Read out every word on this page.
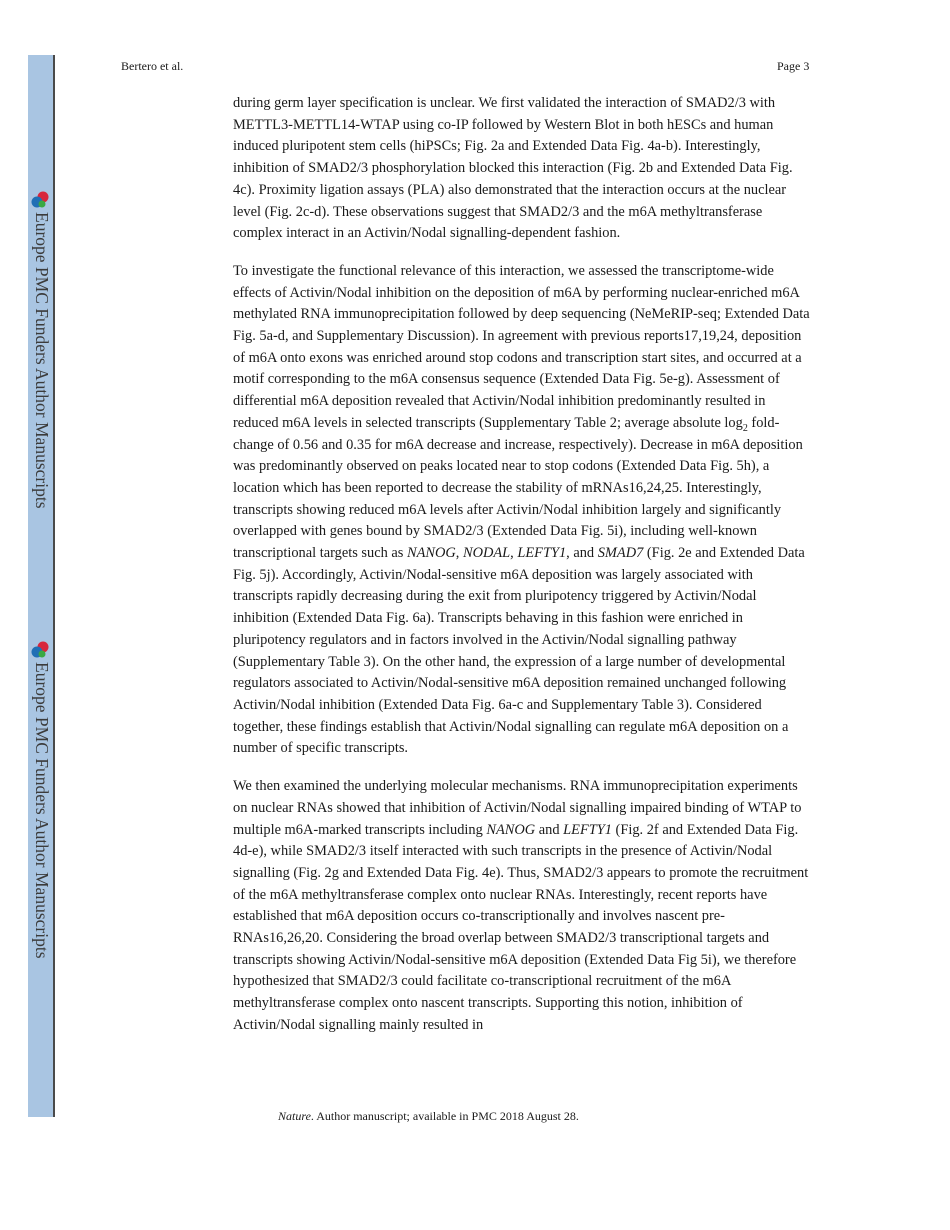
Europe PMC Funders Author Manuscripts
Europe PMC Funders Author Manuscripts
Bertero et al.	Page 3

during germ layer specification is unclear. We first validated the interaction of SMAD2/3 with METTL3-METTL14-WTAP using co-IP followed by Western Blot in both hESCs and human induced pluripotent stem cells (hiPSCs; Fig. 2a and Extended Data Fig. 4a-b). Interestingly, inhibition of SMAD2/3 phosphorylation blocked this interaction (Fig. 2b and Extended Data Fig. 4c). Proximity ligation assays (PLA) also demonstrated that the interaction occurs at the nuclear level (Fig. 2c-d). These observations suggest that SMAD2/3 and the m6A methyltransferase complex interact in an Activin/Nodal signalling-dependent fashion.

To investigate the functional relevance of this interaction, we assessed the transcriptome-wide effects of Activin/Nodal inhibition on the deposition of m6A by performing nuclear-enriched m6A methylated RNA immunoprecipitation followed by deep sequencing (NeMeRIP-seq; Extended Data Fig. 5a-d, and Supplementary Discussion). In agreement with previous reports17,19,24, deposition of m6A onto exons was enriched around stop codons and transcription start sites, and occurred at a motif corresponding to the m6A consensus sequence (Extended Data Fig. 5e-g). Assessment of differential m6A deposition revealed that Activin/Nodal inhibition predominantly resulted in reduced m6A levels in selected transcripts (Supplementary Table 2; average absolute $\log_2$ fold-change of 0.56 and 0.35 for m6A decrease and increase, respectively). Decrease in m6A deposition was predominantly observed on peaks located near to stop codons (Extended Data Fig. 5h), a location which has been reported to decrease the stability of mRNAs16,24,25. Interestingly, transcripts showing reduced m6A levels after Activin/Nodal inhibition largely and significantly overlapped with genes bound by SMAD2/3 (Extended Data Fig. 5i), including well-known transcriptional targets such as NANOG, NODAL, LEFTY1, and SMAD7 (Fig. 2e and Extended Data Fig. 5j). Accordingly, Activin/Nodal-sensitive m6A deposition was largely associated with transcripts rapidly decreasing during the exit from pluripotency triggered by Activin/Nodal inhibition (Extended Data Fig. 6a). Transcripts behaving in this fashion were enriched in pluripotency regulators and in factors involved in the Activin/Nodal signalling pathway (Supplementary Table 3). On the other hand, the expression of a large number of developmental regulators associated to Activin/Nodal-sensitive m6A deposition remained unchanged following Activin/Nodal inhibition (Extended Data Fig. 6a-c and Supplementary Table 3). Considered together, these findings establish that Activin/Nodal signalling can regulate m6A deposition on a number of specific transcripts.

We then examined the underlying molecular mechanisms. RNA immunoprecipitation experiments on nuclear RNAs showed that inhibition of Activin/Nodal signalling impaired binding of WTAP to multiple m6A-marked transcripts including NANOG and LEFTY1 (Fig. 2f and Extended Data Fig. 4d-e), while SMAD2/3 itself interacted with such transcripts in the presence of Activin/Nodal signalling (Fig. 2g and Extended Data Fig. 4e). Thus, SMAD2/3 appears to promote the recruitment of the m6A methyltransferase complex onto nuclear RNAs. Interestingly, recent reports have established that m6A deposition occurs co-transcriptionally and involves nascent pre-RNAs16,26,20. Considering the broad overlap between SMAD2/3 transcriptional targets and transcripts showing Activin/Nodal-sensitive m6A deposition (Extended Data Fig 5i), we therefore hypothesized that SMAD2/3 could facilitate co-transcriptional recruitment of the m6A methyltransferase complex onto nascent transcripts. Supporting this notion, inhibition of Activin/Nodal signalling mainly resulted in

Nature. Author manuscript; available in PMC 2018 August 28.
